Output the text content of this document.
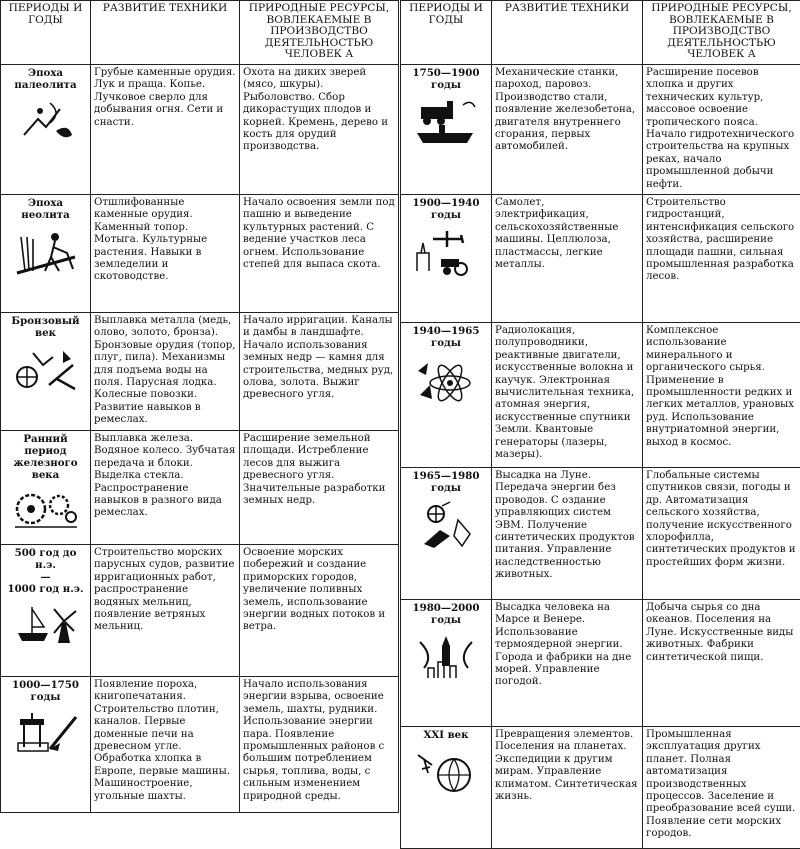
ПЕРИОДЫ И ГОДЫ	РАЗВИТИЕ ТЕХНИКИ	ПРИРОДНЫЕ РЕСУРСЫ, ВОВЛЕКАЕМЫЕ В ПРОИЗВОДСТВО ДЕЯТЕЛЬНОСТЬЮ ЧЕЛОВЕК А

Эпоха палеолита	Грубые каменные орудия. Лук и праща. Копье. Лучковое сверло для добывания огня. Сети и снасти.	Охота на диких зверей (мясо, шкуры). Рыболовство. Сбор дикорастущих плодов и корней. Кремень, дерево и кость для орудий производства.

Эпоха неолита	Отшлифованные каменные орудия. Каменный топор. Мотыга. Культурные растения. Навыки в земледелии и скотоводстве.	Начало освоения земли под пашню и выведение культурных растений. С ведение участков леса огнем. Использование степей для выпаса скота.

Бронзовый век	Выплавка металла (медь, олово, золото, бронза). Бронзовые орудия (топор, плуг, пила). Механизмы для подъема воды на поля. Парусная лодка. Колесные повозки. Развитие навыков в ремеслах.	Начало ирригации. Каналы и дамбы в ландшафте. Начало использования земных недр — камня для строительства, медных руд, олова, золота. Выжиг древесного угля.

Ранний период железного века	Выплавка железа. Водяное колесо. Зубчатая передача и блоки. Выделка стекла. Распространение навыков в разного вида ремеслах.	Расширение земельной площади. Истребление лесов для выжига древесного угля. Значительные разработки земных недр.

500 год до н.э.
—
1000 год н.э.	Строительство морских парусных судов, развитие ирригационных работ, распространение водяных мельниц, появление ветряных мельниц.	Освоение морских побережий и создание приморских городов, увеличение поливных земель, использование энергии водных потоков и ветра.

1000—1750 годы	Появление пороха, книгопечатания. Строительство плотин, каналов. Первые доменные печи на древесном угле. Обработка хлопка в Европе, первые машины. Машиностроение, угольные шахты.	Начало использования энергии взрыва, освоение земель, шахты, рудники. Использование энергии пара. Появление промышленных районов с большим потреблением сырья, топлива, воды, с сильным изменением природной среды.
ПЕРИОДЫ И ГОДЫ	РАЗВИТИЕ ТЕХНИКИ	ПРИРОДНЫЕ РЕСУРСЫ, ВОВЛЕКАЕМЫЕ В ПРОИЗВОДСТВО ДЕЯТЕЛЬНОСТЬЮ ЧЕЛОВЕК А

1750—1900 годы	Механические станки, пароход, паровоз. Производство стали, появление железобетона, двигателя внутреннего сгорания, первых автомобилей.	Расширение посевов хлопка и других технических культур, массовое освоение тропического пояса. Начало гидротехнического строительства на крупных реках, начало промышленной добычи нефти.

1900—1940 годы	Самолет, электрификация, сельскохозяйственные машины. Целлюлоза, пластмассы, легкие металлы.	Строительство гидростанций, интенсификация сельского хозяйства, расширение площади пашни, сильная промышленная разработка лесов.

1940—1965 годы	Радиолокация, полупроводники, реактивные двигатели, искусственные волокна и каучук. Электронная вычислительная техника, атомная энергия, искусственные спутники Земли. Квантовые генераторы (лазеры, мазеры).	Комплексное использование минерального и органического сырья. Применение в промышленности редких и легких металлов, урановых руд. Использование внутриатомной энергии, выход в космос.

1965—1980 годы	Высадка на Луне. Передача энергии без проводов. С оздание управляющих систем ЭВМ. Получение синтетических продуктов питания. Управление наследственностью животных.	Глобальные системы спутников связи, погоды и др. Автоматизация сельского хозяйства, получение искусственного хлорофилла, синтетических продуктов и простейших форм жизни.

1980—2000 годы	Высадка человека на Марсе и Венере. Использование термоядерной энергии. Города и фабрики на дне морей. Управление погодой.	Добыча сырья со дна океанов. Поселения на Луне. Искусственные виды животных. Фабрики синтетической пищи.

XXI век	Превращения элементов. Поселения на планетах. Экспедиции к другим мирам. Управление климатом. Синтетическая жизнь.	Промышленная эксплуатация других планет. Полная автоматизация производственных процессов. Заселение и преобразование всей суши. Появление сети морских городов.
